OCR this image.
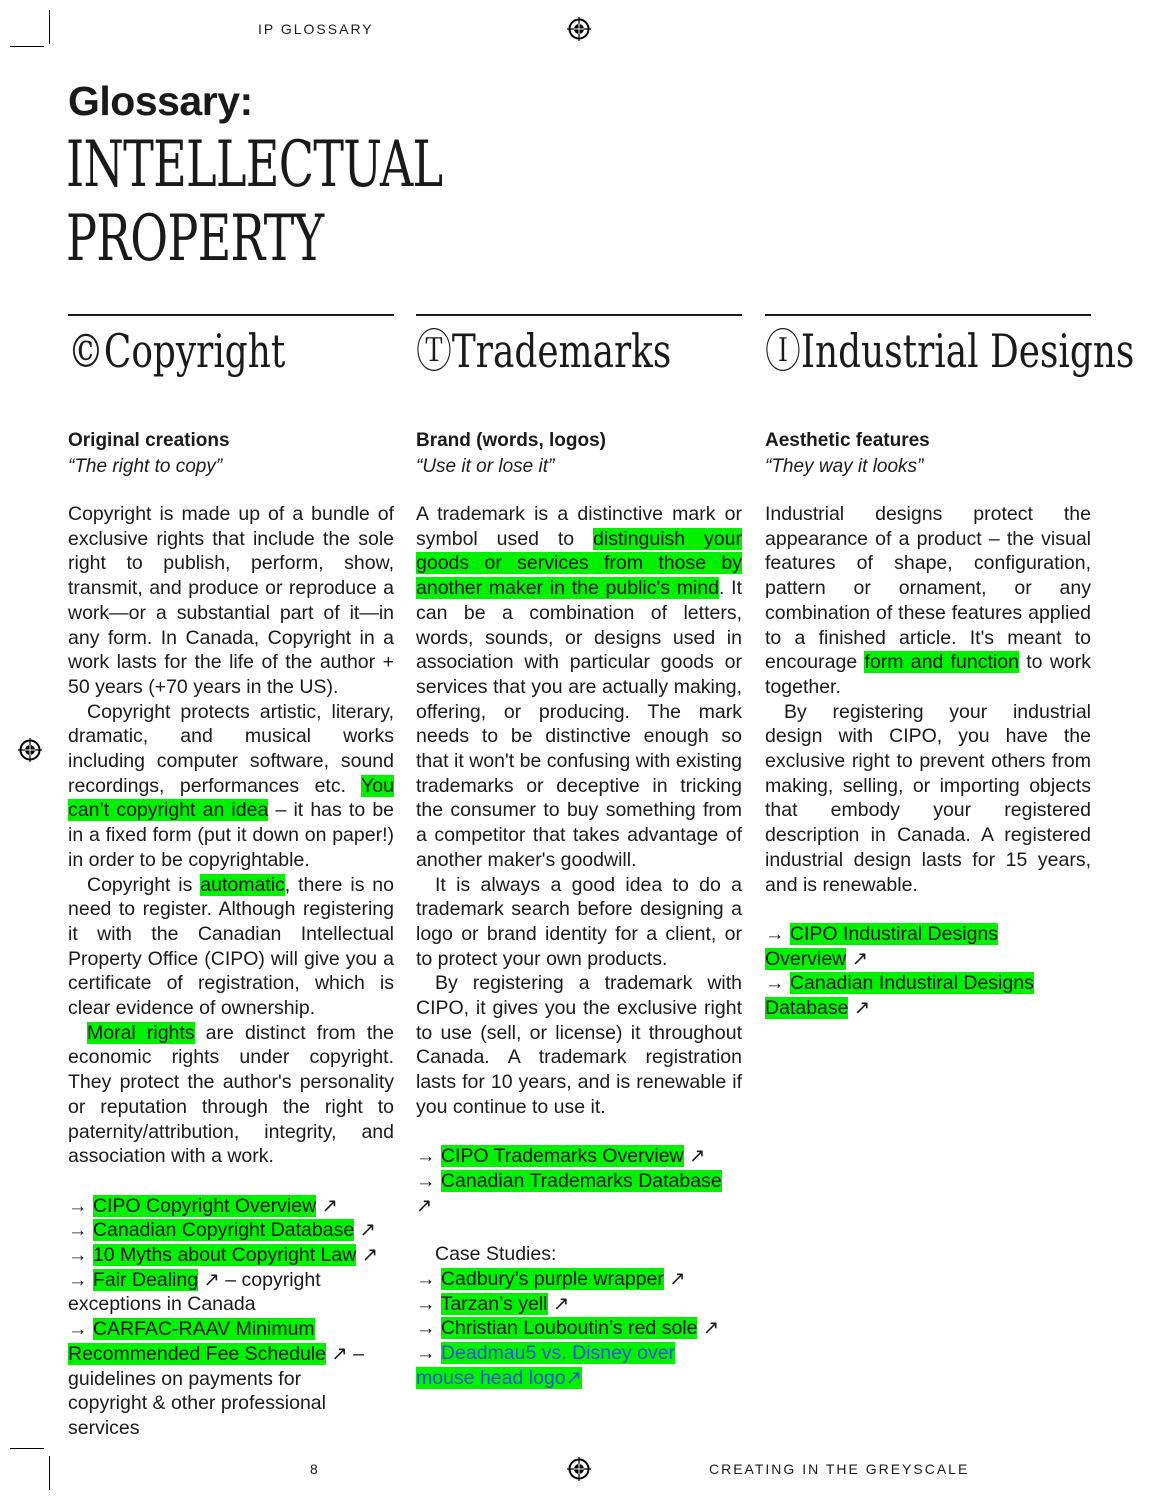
IP GLOSSARY
Glossary:
INTELLECTUAL
PROPERTY
©Copyright
Original creations
“The right to copy”

Copyright is made up of a bundle of exclusive rights that include the sole right to publish, perform, show, transmit, and produce or reproduce a work—or a substantial part of it—in any form. In Canada, Copyright in a work lasts for the life of the author + 50 years (+70 years in the US).

Copyright protects artistic, literary, dramatic, and musical works including computer software, sound recordings, performances etc. You can’t copyright an idea – it has to be in a fixed form (put it down on paper!) in order to be copyrightable.

Copyright is automatic, there is no need to register. Although registering it with the Canadian Intellectual Property Office (CIPO) will give you a certificate of registration, which is clear evidence of ownership.

Moral rights are distinct from the economic rights under copyright. They protect the author's personality or reputation through the right to paternity/attribution, integrity, and association with a work.

→ CIPO Copyright Overview ↗
→ Canadian Copyright Database ↗
→ 10 Myths about Copyright Law ↗
→ Fair Dealing ↗ – copyright exceptions in Canada
→ CARFAC-RAAV Minimum Recommended Fee Schedule ↗ – guidelines on payments for copyright & other professional services
ⓉTrademarks
Brand (words, logos)
“Use it or lose it”

A trademark is a distinctive mark or symbol used to distinguish your goods or services from those by another maker in the public's mind. It can be a combination of letters, words, sounds, or designs used in association with particular goods or services that you are actually making, offering, or producing. The mark needs to be distinctive enough so that it won't be confusing with existing trademarks or deceptive in tricking the consumer to buy something from a competitor that takes advantage of another maker's goodwill.

It is always a good idea to do a trademark search before designing a logo or brand identity for a client, or to protect your own products.

By registering a trademark with CIPO, it gives you the exclusive right to use (sell, or license) it throughout Canada. A trademark registration lasts for 10 years, and is renewable if you continue to use it.

→ CIPO Trademarks Overview ↗
→ Canadian Trademarks Database ↗
Case Studies:
→ Cadbury’s purple wrapper ↗
→ Tarzan’s yell ↗
→ Christian Louboutin’s red sole ↗
→ Deadmau5 vs. Disney over mouse head logo↗
ⒾIndustrial Designs
Aesthetic features
“They way it looks”

Industrial designs protect the appearance of a product – the visual features of shape, configuration, pattern or ornament, or any combination of these features applied to a finished article. It's meant to encourage form and function to work together.

By registering your industrial design with CIPO, you have the exclusive right to prevent others from making, selling, or importing objects that embody your registered description in Canada. A registered industrial design lasts for 15 years, and is renewable.

→ CIPO Industiral Designs Overview ↗
→ Canadian Industiral Designs Database ↗
8	CREATING IN THE GREYSCALE
